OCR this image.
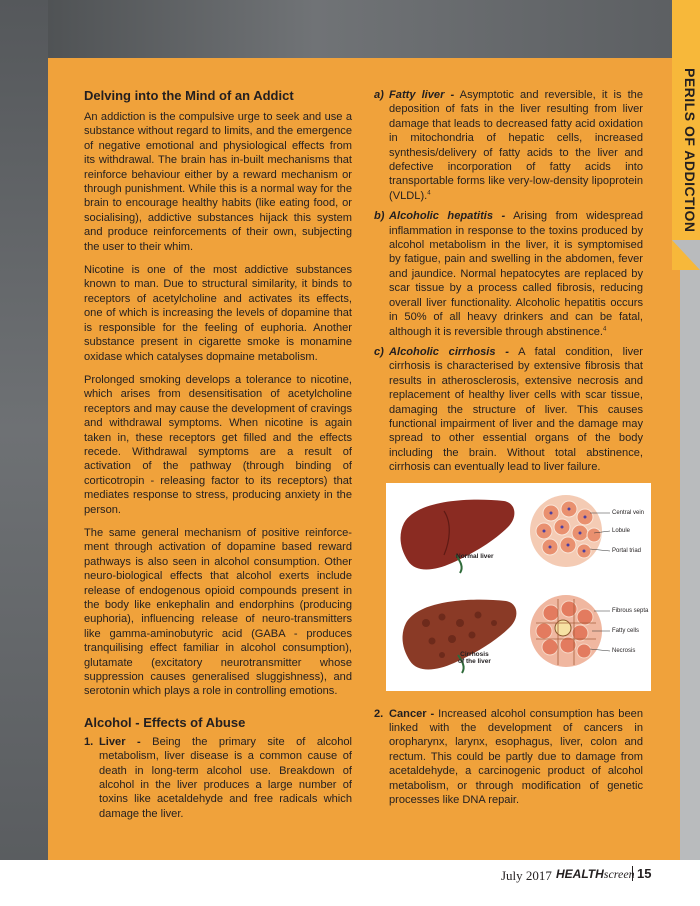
PERILS OF ADDICTION
Delving into the Mind of an Addict

An addiction is the compulsive urge to seek and use a substance without regard to limits, and the emergence of negative emotional and physiological effects from its withdrawal. The brain has in-built mechanisms that reinforce behaviour either by a reward mechanism or through punishment. While this is a normal way for the brain to encourage healthy habits (like eating food, or socialising), addictive substances hijack this system and produce reinforcements of their own, subjecting the user to their whim.

Nicotine is one of the most addictive substances known to man. Due to structural similarity, it binds to receptors of acetylcholine and activates its effects, one of which is increasing the levels of dopamine that is responsible for the feeling of euphoria. Another substance present in cigarette smoke is monamine oxidase which catalyses dopmaine metabolism.

Prolonged smoking develops a tolerance to nicotine, which arises from desensitisation of acetylcholine receptors and may cause the development of cravings and withdrawal symptoms. When nicotine is again taken in, these receptors get filled and the effects recede. Withdrawal symptoms are a result of activation of the pathway (through binding of corticotropin - releasing factor to its receptors) that mediates response to stress, producing anxiety in the person.

The same general mechanism of positive reinforce-ment through activation of dopamine based reward pathways is also seen in alcohol consumption. Other neuro-biological effects that alcohol exerts include release of endogenous opioid compounds present in the body like enkephalin and endorphins (producing euphoria), influencing release of neuro-transmitters like gamma-aminobutyric acid (GABA - produces tranquilising effect familiar in alcohol consumption), glutamate (excitatory neurotransmitter whose suppression causes generalised sluggishness), and serotonin which plays a role in controlling emotions.

Alcohol - Effects of Abuse
1. Liver - Being the primary site of alcohol metabolism, liver disease is a common cause of death in long-term alcohol use. Breakdown of alcohol in the liver produces a large number of toxins like acetaldehyde and free radicals which damage the liver.
a) Fatty liver - Asymptotic and reversible, it is the deposition of fats in the liver resulting from liver damage that leads to decreased fatty acid oxidation in mitochondria of hepatic cells, increased synthesis/delivery of fatty acids to the liver and defective incorporation of fatty acids into transportable forms like very-low-density lipoprotein (VLDL).$^4$
b) Alcoholic hepatitis - Arising from widespread inflammation in response to the toxins produced by alcohol metabolism in the liver, it is symptomised by fatigue, pain and swelling in the abdomen, fever and jaundice. Normal hepatocytes are replaced by scar tissue by a process called fibrosis, reducing overall liver functionality. Alcoholic hepatitis occurs in 50% of all heavy drinkers and can be fatal, although it is reversible through abstinence.$^4$
c) Alcoholic cirrhosis - A fatal condition, liver cirrhosis is characterised by extensive fibrosis that results in atherosclerosis, extensive necrosis and replacement of healthy liver cells with scar tissue, damaging the structure of liver. This causes functional impairment of liver and the damage may spread to other essential organs of the body including the brain. Without total abstinence, cirrhosis can eventually lead to liver failure.
Central vein
Lobule
Portal triad
Normal liver
Fibrous septa
Fatty cells
Necrosis
Cirrhosis
of the liver
2. Cancer - Increased alcohol consumption has been linked with the development of cancers in oropharynx, larynx, esophagus, liver, colon and rectum. This could be partly due to damage from acetaldehyde, a carcinogenic product of alcohol metabolism, or through modification of genetic processes like DNA repair.
July 2017 HEALTHscreen 15
